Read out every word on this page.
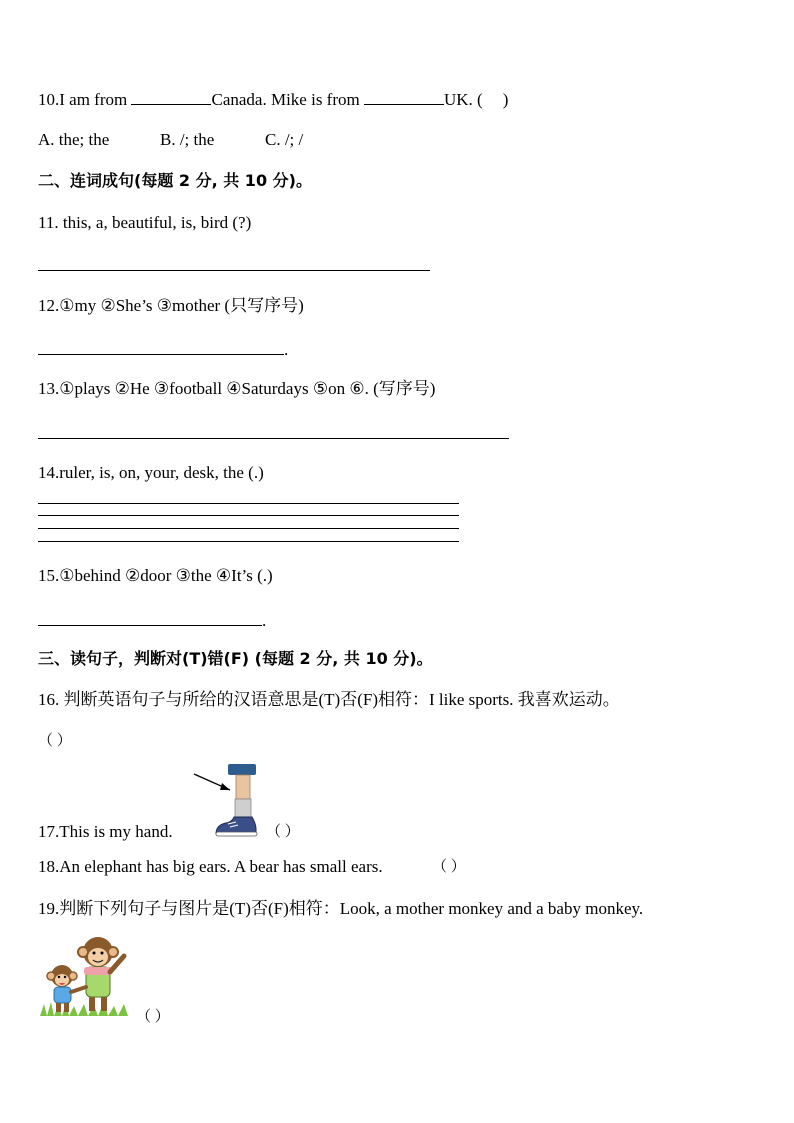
10.I am from	Canada. Mike is from	UK. ( )
A. the; the	B. /; the	C. /; /
二、连词成句(每题 2 分, 共 10 分)。
11. this, a, beautiful, is, bird (?)
12.①my ②She’s ③mother (只写序号)
.
13.①plays ②He ③football ④Saturdays ⑤on ⑥. (写序号)
14.ruler, is, on, your, desk, the (.)
15.①behind ②door ③the ④It’s (.)
.
三、读句子，判断对(T)错(F) (每题 2 分, 共 10 分)。
16. 判断英语句子与所给的汉语意思是(T)否(F)相符：I like sports. 我喜欢运动。
（ ）
17.This is my hand.	（ ）
18.An elephant has big ears. A bear has small ears.	（ ）
19.判断下列句子与图片是(T)否(F)相符：Look, a mother monkey and a baby monkey.
（ ）
